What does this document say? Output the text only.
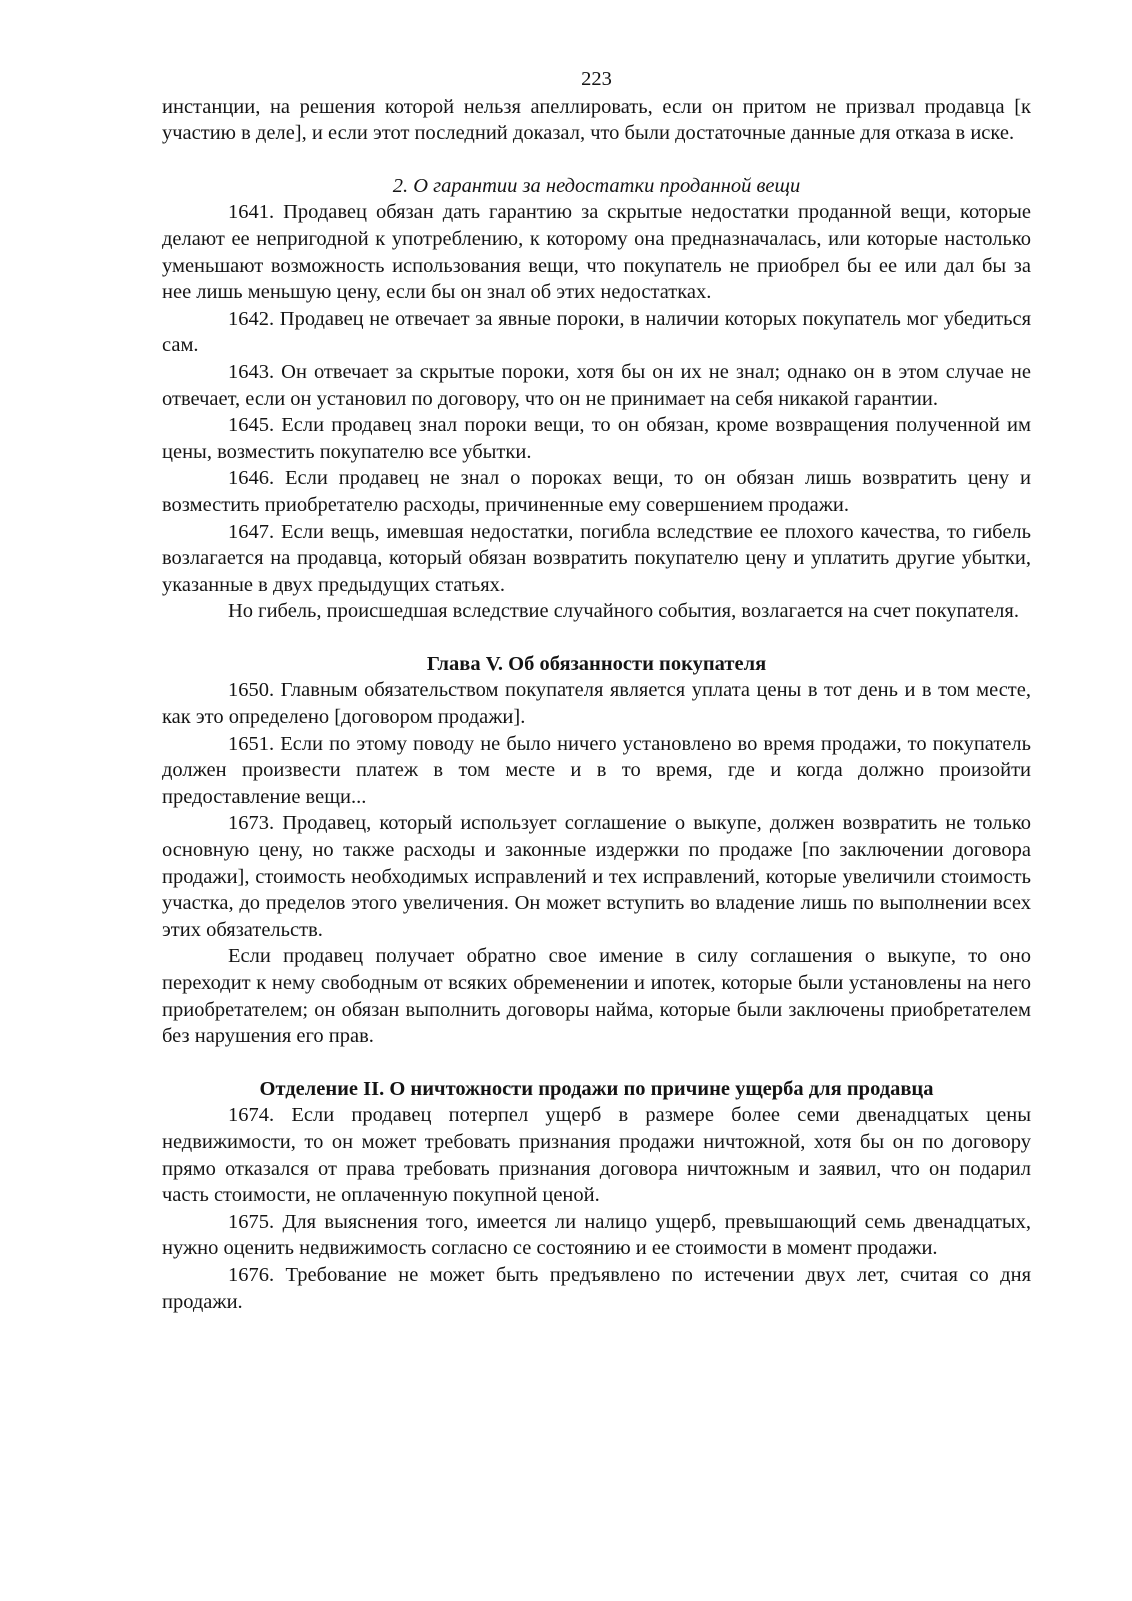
223

инстанции, на решения которой нельзя апеллировать, если он притом не призвал продавца [к участию в деле], и если этот последний доказал, что были достаточные данные для отказа в иске.

2. О гарантии за недостатки проданной вещи

1641. Продавец обязан дать гарантию за скрытые недостатки проданной вещи, которые делают ее непригодной к употреблению, к которому она предназначалась, или которые настолько уменьшают возможность использования вещи, что покупатель не приобрел бы ее или дал бы за нее лишь меньшую цену, если бы он знал об этих недостатках.

1642. Продавец не отвечает за явные пороки, в наличии которых покупатель мог убедиться сам.

1643. Он отвечает за скрытые пороки, хотя бы он их не знал; однако он в этом случае не отвечает, если он установил по договору, что он не принимает на себя никакой гарантии.

1645. Если продавец знал пороки вещи, то он обязан, кроме возвращения полученной им цены, возместить покупателю все убытки.

1646. Если продавец не знал о пороках вещи, то он обязан лишь возвратить цену и возместить приобретателю расходы, причиненные ему совершением продажи.

1647. Если вещь, имевшая недостатки, погибла вследствие ее плохого качества, то гибель возлагается на продавца, который обязан возвратить покупателю цену и уплатить другие убытки, указанные в двух предыдущих статьях.

Но гибель, происшедшая вследствие случайного события, возлагается на счет покупателя.

Глава V. Об обязанности покупателя

1650. Главным обязательством покупателя является уплата цены в тот день и в том месте, как это определено [договором продажи].

1651. Если по этому поводу не было ничего установлено во время продажи, то покупатель должен произвести платеж в том месте и в то время, где и когда должно произойти предоставление вещи...

1673. Продавец, который использует соглашение о выкупе, должен возвратить не только основную цену, но также расходы и законные издержки по продаже [по заключении договора продажи], стоимость необходимых исправлений и тех исправлений, которые увеличили стоимость участка, до пределов этого увеличения. Он может вступить во владение лишь по выполнении всех этих обязательств.

Если продавец получает обратно свое имение в силу соглашения о выкупе, то оно переходит к нему свободным от всяких обременении и ипотек, которые были установлены на него приобретателем; он обязан выполнить договоры найма, которые были заключены приобретателем без нарушения его прав.

Отделение II. О ничтожности продажи по причине ущерба для продавца

1674. Если продавец потерпел ущерб в размере более семи двенадцатых цены недвижимости, то он может требовать признания продажи ничтожной, хотя бы он по договору прямо отказался от права требовать признания договора ничтожным и заявил, что он подарил часть стоимости, не оплаченную покупной ценой.

1675. Для выяснения того, имеется ли налицо ущерб, превышающий семь двенадцатых, нужно оценить недвижимость согласно се состоянию и ее стоимости в момент продажи.

1676. Требование не может быть предъявлено по истечении двух лет, считая со дня продажи.
